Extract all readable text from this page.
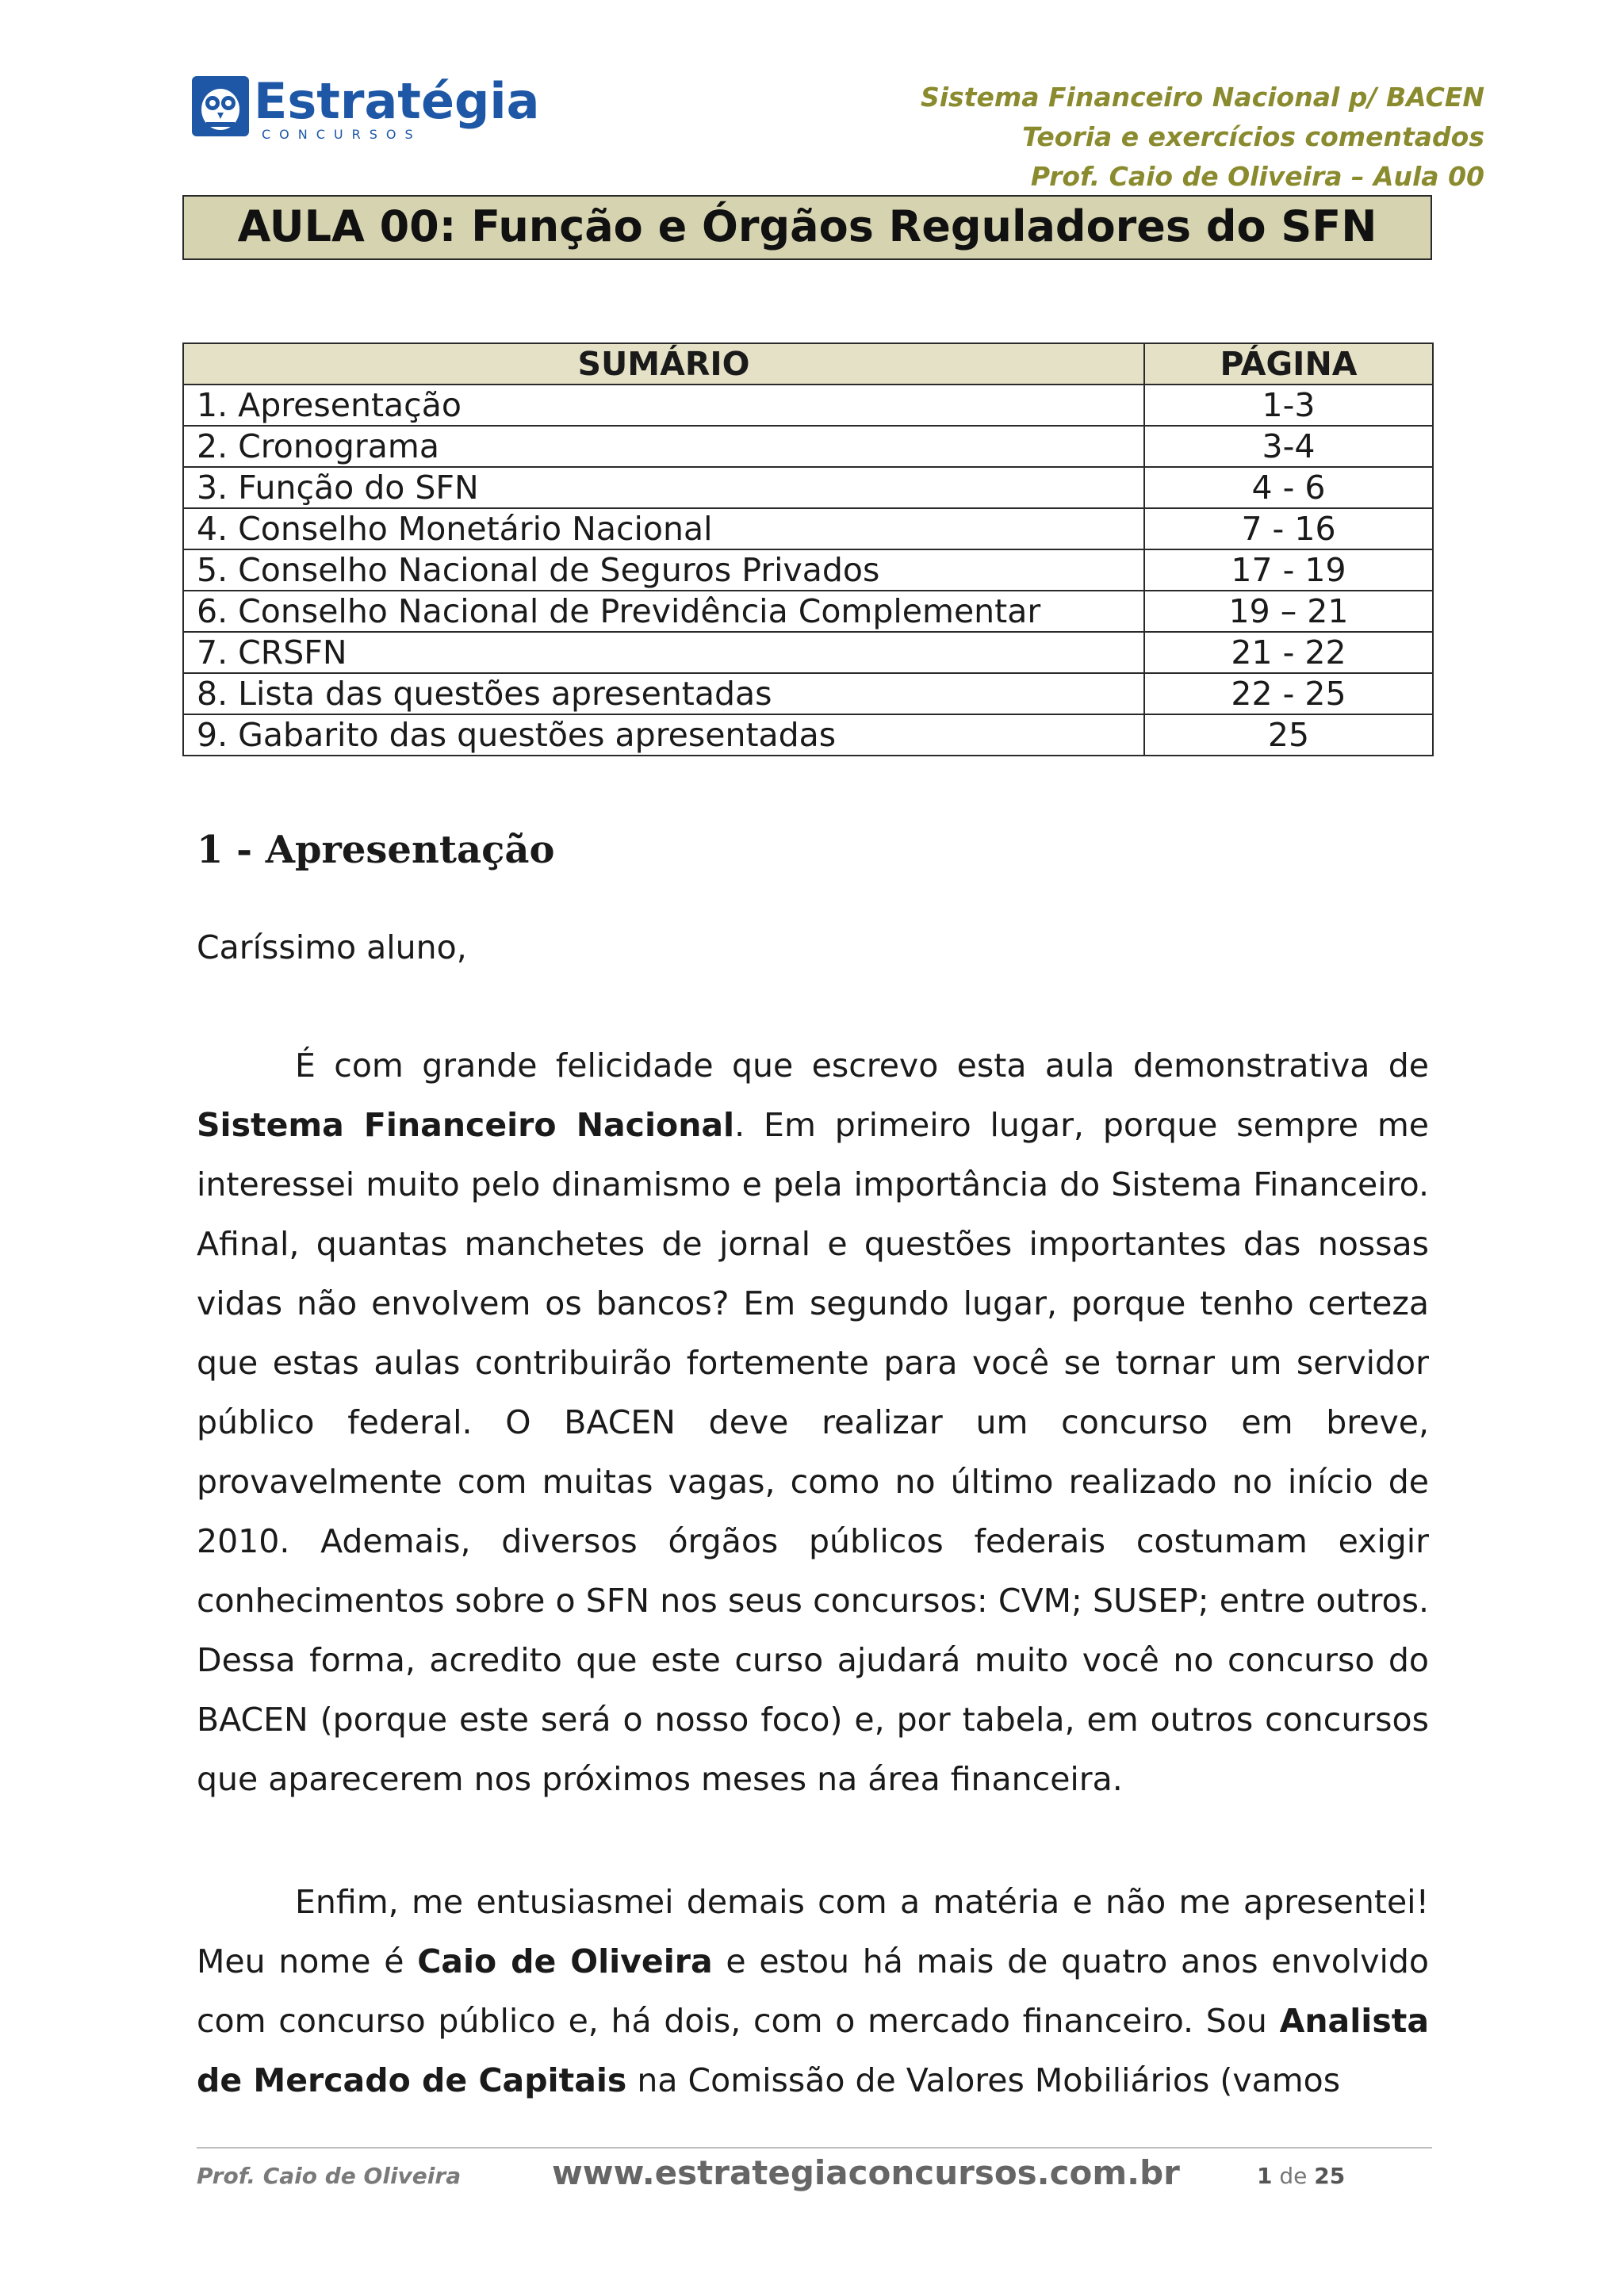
Estratégia
CONCURSOS
Sistema Financeiro Nacional p/ BACEN
Teoria e exercícios comentados
Prof. Caio de Oliveira – Aula 00
AULA 00: Função e Órgãos Reguladores do SFN
SUMÁRIO	PÁGINA
1. Apresentação	1-3
2. Cronograma	3-4
3. Função do SFN	4 - 6
4. Conselho Monetário Nacional	7 - 16
5. Conselho Nacional de Seguros Privados	17 - 19
6. Conselho Nacional de Previdência Complementar	19 – 21
7. CRSFN	21 - 22
8. Lista das questões apresentadas	22 - 25
9. Gabarito das questões apresentadas	25
1 - Apresentação
Caríssimo aluno,

É com grande felicidade que escrevo esta aula demonstrativa de Sistema Financeiro Nacional. Em primeiro lugar, porque sempre me interessei muito pelo dinamismo e pela importância do Sistema Financeiro. Afinal, quantas manchetes de jornal e questões importantes das nossas vidas não envolvem os bancos? Em segundo lugar, porque tenho certeza que estas aulas contribuirão fortemente para você se tornar um servidor público federal. O BACEN deve realizar um concurso em breve, provavelmente com muitas vagas, como no último realizado no início de 2010. Ademais, diversos órgãos públicos federais costumam exigir conhecimentos sobre o SFN nos seus concursos: CVM; SUSEP; entre outros. Dessa forma, acredito que este curso ajudará muito você no concurso do BACEN (porque este será o nosso foco) e, por tabela, em outros concursos que aparecerem nos próximos meses na área financeira.

Enfim, me entusiasmei demais com a matéria e não me apresentei! Meu nome é Caio de Oliveira e estou há mais de quatro anos envolvido com concurso público e, há dois, com o mercado financeiro. Sou Analista de Mercado de Capitais na Comissão de Valores Mobiliários (vamos

Prof. Caio de Oliveira	www.estrategiaconcursos.com.br	1 de 25
